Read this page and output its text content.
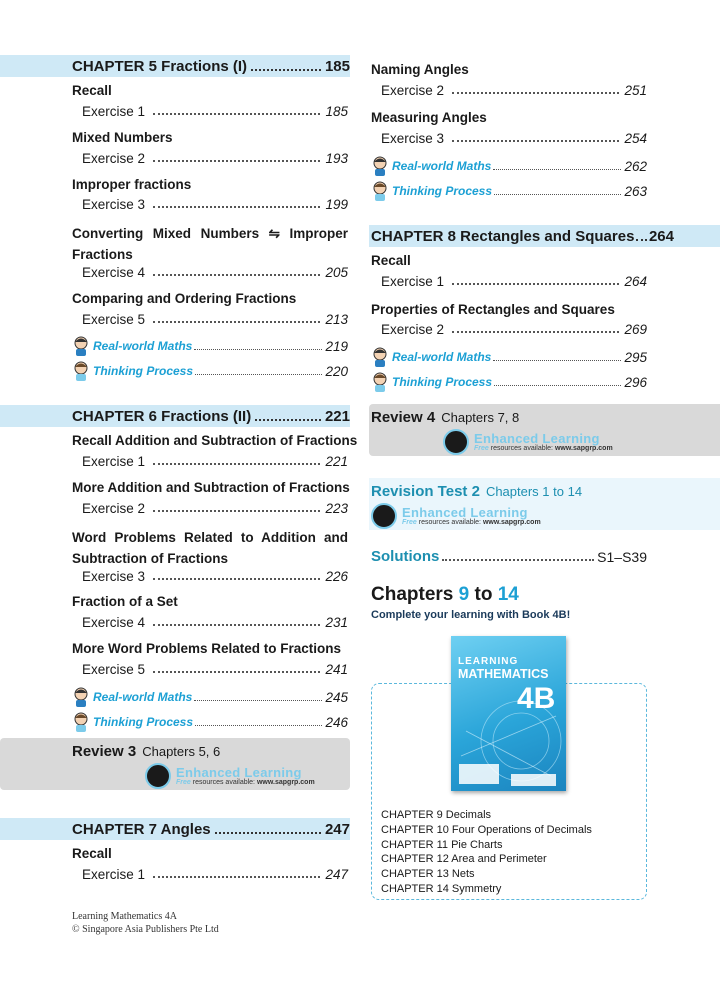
CHAPTER 5 Fractions (I)	185
Recall
Exercise 1	185
Mixed Numbers
Exercise 2	193
Improper fractions
Exercise 3	199
Converting Mixed Numbers ⇋ Improper Fractions
Exercise 4	205
Comparing and Ordering Fractions
Exercise 5	213
Real-world Maths	219
Thinking Process	220
CHAPTER 6 Fractions (II)	221
Recall Addition and Subtraction of Fractions
Exercise 1	221
More Addition and Subtraction of Fractions
Exercise 2	223
Word Problems Related to Addition and Subtraction of Fractions
Exercise 3	226
Fraction of a Set
Exercise 4	231
More Word Problems Related to Fractions
Exercise 5	241
Real-world Maths	245
Thinking Process	246
Review 3 Chapters 5, 6
Enhanced Learning
Free resources available: www.sapgrp.com
CHAPTER 7 Angles	247
Recall
Exercise 1	247
Learning Mathematics 4A
© Singapore Asia Publishers Pte Ltd
Naming Angles
Exercise 2	251
Measuring Angles
Exercise 3	254
Real-world Maths	262
Thinking Process	263
CHAPTER 8 Rectangles and Squares 264
Recall
Exercise 1	264
Properties of Rectangles and Squares
Exercise 2	269
Real-world Maths	295
Thinking Process	296
Review 4 Chapters 7, 8
Enhanced Learning
Free resources available: www.sapgrp.com
Revision Test 2 Chapters 1 to 14
Enhanced Learning
Free resources available: www.sapgrp.com
Solutions	S1–S39
Chapters 9 to 14
Complete your learning with Book 4B!
LEARNING
MATHEMATICS
4B
CHAPTER 9 Decimals
CHAPTER 10 Four Operations of Decimals
CHAPTER 11 Pie Charts
CHAPTER 12 Area and Perimeter
CHAPTER 13 Nets
CHAPTER 14 Symmetry
